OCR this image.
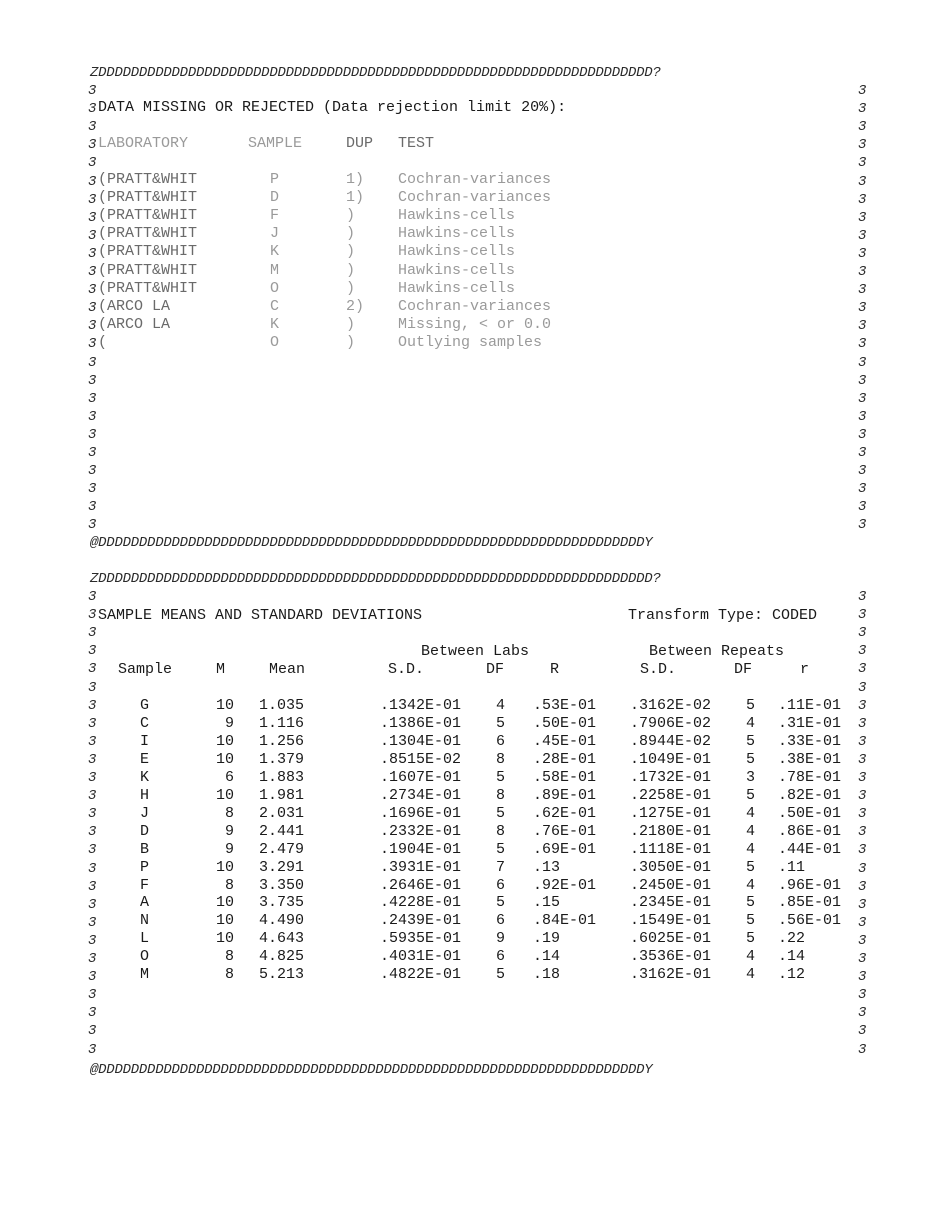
ZDDDDDDDDDDDDDDDDDDDDDDDDDDDDDDDDDDDDDDDDDDDDDDDDDDDDDDDDDDDDDDDDDDDD?
3
3
3
3
3
3
3
3
3
3
3
3
3
3
3
3
3
3
3
3
3
3
3
3
3
3
3
3
3
3
3
3
3
3
3
3
3
3
3
3
3
3
3
3
3
3
3
3
3
3
DATA MISSING OR REJECTED (Data rejection limit 20%):
LABORATORY	SAMPLE	DUP TEST
(PRATT&WHIT	P	1) Cochran-variances
(PRATT&WHIT	D	1) Cochran-variances
(PRATT&WHIT	F	)	Hawkins-cells
(PRATT&WHIT	J	)	Hawkins-cells
(PRATT&WHIT	K	)	Hawkins-cells
(PRATT&WHIT	M	)	Hawkins-cells
(PRATT&WHIT	O	)	Hawkins-cells
(ARCO LA	C	2) Cochran-variances
(ARCO LA	K	)	Missing, < or 0.0
(	O	)	Outlying samples
@DDDDDDDDDDDDDDDDDDDDDDDDDDDDDDDDDDDDDDDDDDDDDDDDDDDDDDDDDDDDDDDDDDDY
ZDDDDDDDDDDDDDDDDDDDDDDDDDDDDDDDDDDDDDDDDDDDDDDDDDDDDDDDDDDDDDDDDDDDD?
3
3
3
3
3
3
3
3
3
3
3
3
3
3
3
3
3
3
3
3
3
3
3
3
3
3
3
3
3
3
3
3
3
3
3
3
3
3
3
3
3
3
3
3
3
3
3
3
3
3
3
3
SAMPLE MEANS AND STANDARD DEVIATIONS	Transform Type: CODED
Between Labs	Between Repeats
Sample	M	Mean	S.D.	DF	R	S.D.	DF	r
G	10 1.035	.1342E-01 4 .53E-01 .3162E-02 5 .11E-01
C	9 1.116	.1386E-01 5 .50E-01 .7906E-02 4 .31E-01
I	10 1.256	.1304E-01 6 .45E-01 .8944E-02 5 .33E-01
E	10 1.379	.8515E-02 8 .28E-01 .1049E-01 5 .38E-01
K	6 1.883	.1607E-01 5 .58E-01 .1732E-01 3 .78E-01
H	10 1.981	.2734E-01 8 .89E-01 .2258E-01 5 .82E-01
J	8 2.031	.1696E-01 5 .62E-01 .1275E-01 4 .50E-01
D	9 2.441	.2332E-01 8 .76E-01 .2180E-01 4 .86E-01
B	9 2.479	.1904E-01 5 .69E-01 .1118E-01 4 .44E-01
P	10 3.291	.3931E-01 7 .13	.3050E-01 5 .11
F	8 3.350	.2646E-01 6 .92E-01 .2450E-01 4 .96E-01
A	10 3.735	.4228E-01 5 .15	.2345E-01 5 .85E-01
N	10 4.490	.2439E-01 6 .84E-01 .1549E-01 5 .56E-01
L	10 4.643	.5935E-01 9 .19	.6025E-01 5 .22
O	8 4.825	.4031E-01 6 .14	.3536E-01 4 .14
M	8 5.213	.4822E-01 5 .18	.3162E-01 4 .12
@DDDDDDDDDDDDDDDDDDDDDDDDDDDDDDDDDDDDDDDDDDDDDDDDDDDDDDDDDDDDDDDDDDDY
